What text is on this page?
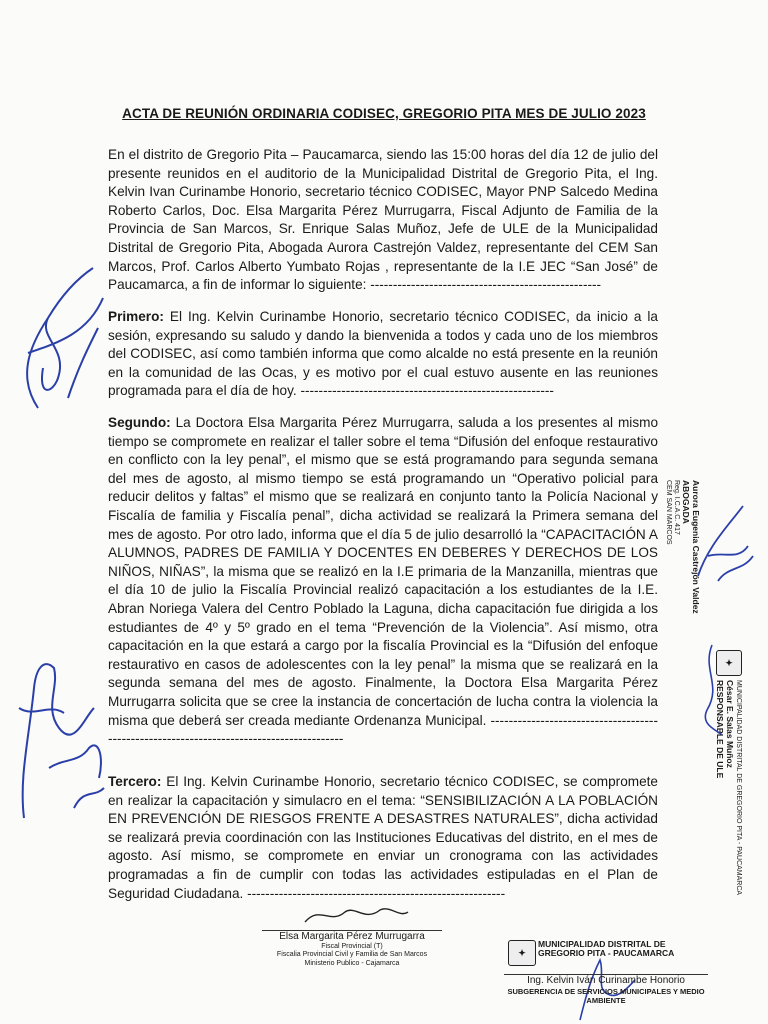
ACTA DE REUNIÓN ORDINARIA CODISEC, GREGORIO PITA MES DE JULIO 2023
En el distrito de Gregorio Pita – Paucamarca, siendo las 15:00 horas del día 12 de julio del presente reunidos en el auditorio de la Municipalidad Distrital de Gregorio Pita, el Ing. Kelvin Ivan Curinambe Honorio, secretario técnico CODISEC, Mayor PNP Salcedo Medina Roberto Carlos, Doc. Elsa Margarita Pérez Murrugarra, Fiscal Adjunto de Familia de la Provincia de San Marcos, Sr. Enrique Salas Muñoz, Jefe de ULE de la Municipalidad Distrital de Gregorio Pita, Abogada Aurora Castrejón Valdez, representante del CEM San Marcos, Prof. Carlos Alberto Yumbato Rojas , representante de la I.E JEC “San José” de Paucamarca, a fin de informar lo siguiente: ---------------------------------------------------
Primero: El Ing. Kelvin Curinambe Honorio, secretario técnico CODISEC, da inicio a la sesión, expresando su saludo y dando la bienvenida a todos y cada uno de los miembros del CODISEC, así como también informa que como alcalde no está presente en la reunión en la comunidad de las Ocas, y es motivo por el cual estuvo ausente en las reuniones programada para el día de hoy. --------------------------------------------------------
Segundo: La Doctora Elsa Margarita Pérez Murrugarra, saluda a los presentes al mismo tiempo se compromete en realizar el taller sobre el tema “Difusión del enfoque restaurativo en conflicto con la ley penal”, el mismo que se está programando para segunda semana del mes de agosto, al mismo tiempo se está programando un “Operativo policial para reducir delitos y faltas” el mismo que se realizará en conjunto tanto la Policía Nacional y Fiscalía de familia y Fiscalía penal”, dicha actividad se realizará la Primera semana del mes de agosto. Por otro lado, informa que el día 5 de julio desarrolló la “CAPACITACIÓN A ALUMNOS, PADRES DE FAMILIA Y DOCENTES EN DEBERES Y DERECHOS DE LOS NIÑOS, NIÑAS”, la misma que se realizó en la I.E primaria de la Manzanilla, mientras que el día 10 de julio la Fiscalía Provincial realizó capacitación a los estudiantes de la I.E. Abran Noriega Valera del Centro Poblado la Laguna, dicha capacitación fue dirigida a los estudiantes de 4º y 5º grado en el tema “Prevención de la Violencia”. Así mismo, otra capacitación en la que estará a cargo por la fiscalía Provincial es la “Difusión del enfoque restaurativo en casos de adolescentes con la ley penal” la misma que se realizará en la segunda semana del mes de agosto. Finalmente, la Doctora Elsa Margarita Pérez Murrugarra solicita que se cree la instancia de concertación de lucha contra la violencia la misma que deberá ser creada mediante Ordenanza Municipal. -----------------------------------------------------------------------------------------
Tercero: El Ing. Kelvin Curinambe Honorio, secretario técnico CODISEC, se compromete en realizar la capacitación y simulacro en el tema: “SENSIBILIZACIÓN A LA POBLACIÓN EN PREVENCIÓN DE RIESGOS FRENTE A DESASTRES NATURALES”, dicha actividad se realizará previa coordinación con las Instituciones Educativas del distrito, en el mes de agosto. Así mismo, se compromete en enviar un cronograma con las actividades programadas a fin de cumplir con todas las actividades estipuladas en el Plan de Seguridad Ciudadana. ---------------------------------------------------------
Aurora Eugenia Castrejón Valdez
ABOGADA
Reg. I.C.A.C. 417
CEM SAN MARCOS
✦
MUNICIPALIDAD DISTRITAL DE GREGORIO PITA - PAUCAMARCA
César E. Salas Muñoz
RESPONSABLE DE ULE
Elsa Margarita Pérez Murrugarra
Fiscal Provincial (T)
Fiscalia Provincial Civil y Familia de San Marcos
Ministerio Publico - Cajamarca
✦
MUNICIPALIDAD DISTRITAL DE GREGORIO PITA - PAUCAMARCA
Ing. Kelvin Iván Curinambe Honorio
SUBGERENCIA DE SERVICIOS MUNICIPALES Y MEDIO AMBIENTE
